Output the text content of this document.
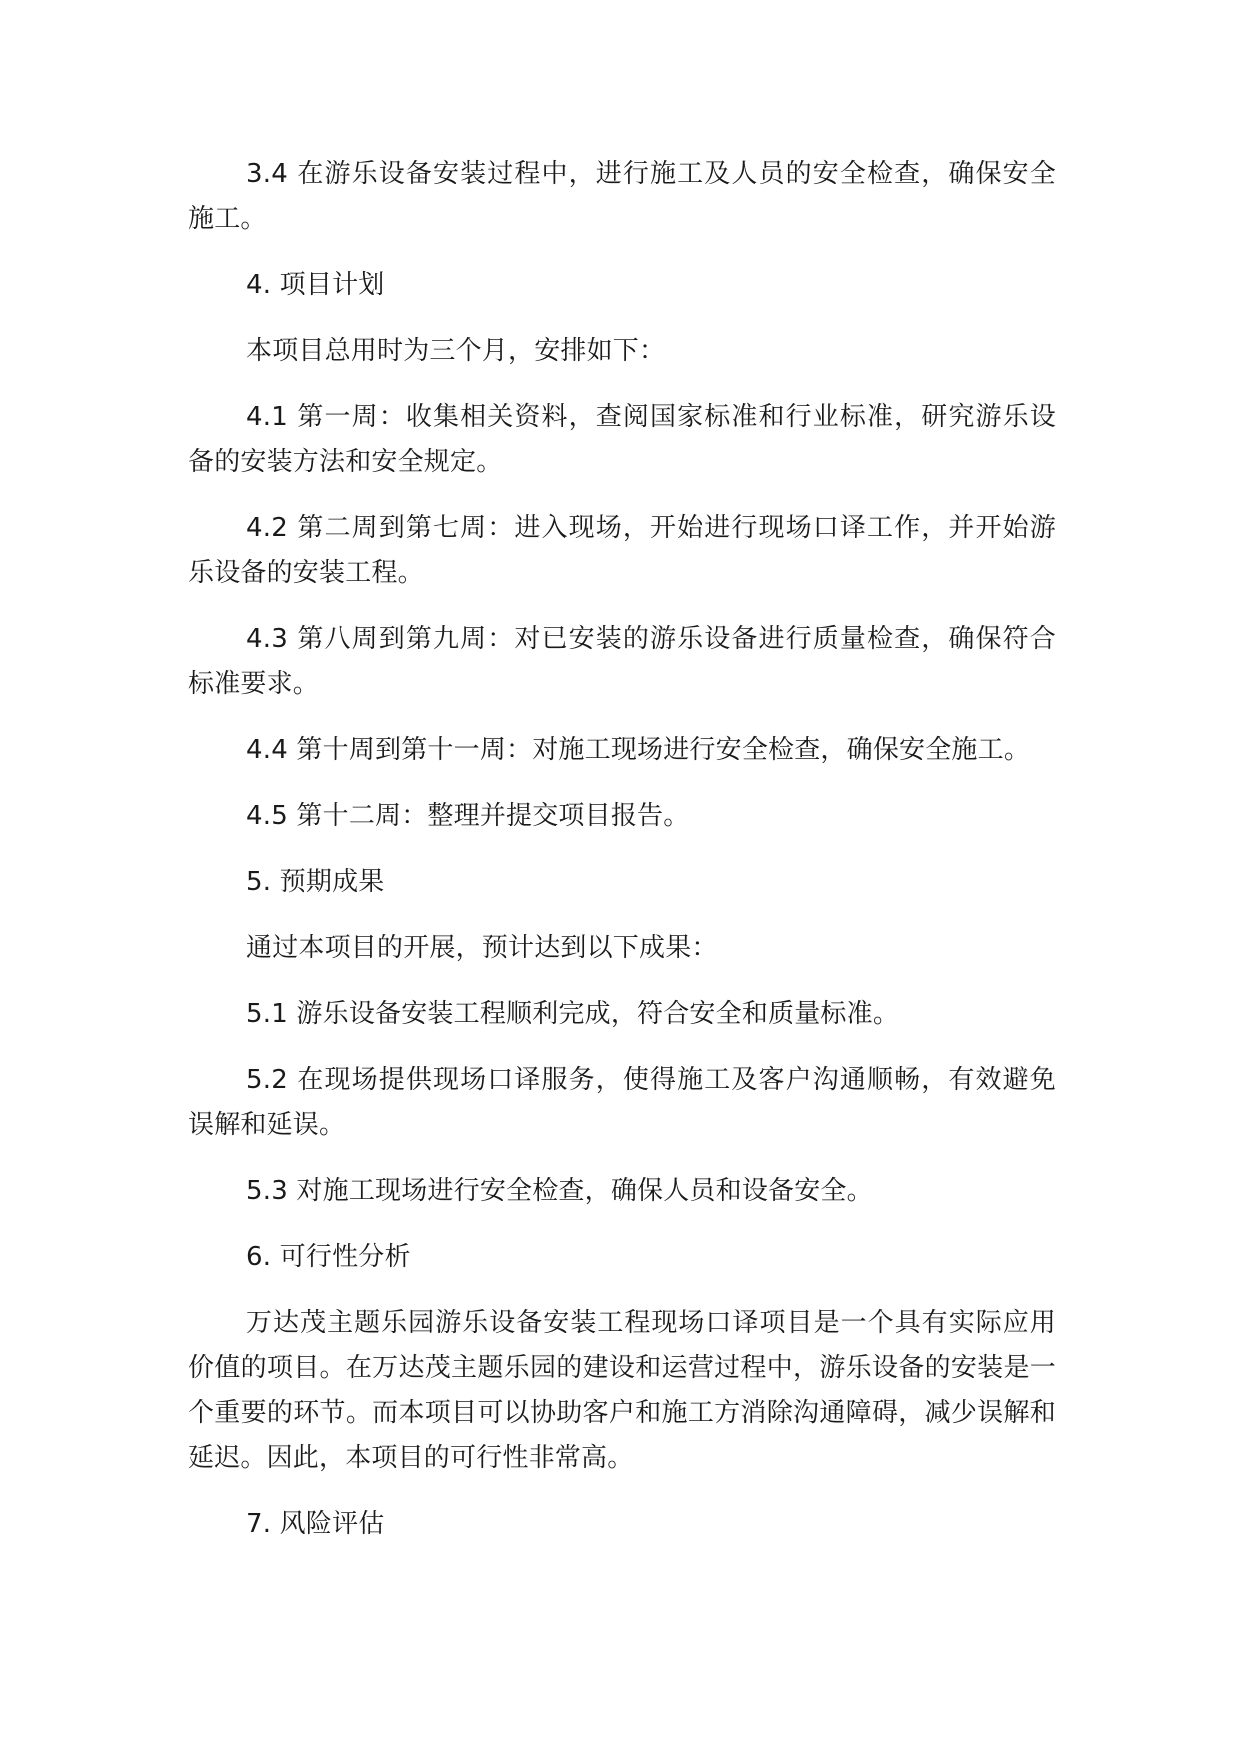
3.4 在游乐设备安装过程中，进行施工及人员的安全检查，确保安全施工。

4. 项目计划

本项目总用时为三个月，安排如下：

4.1 第一周：收集相关资料，查阅国家标准和行业标准，研究游乐设备的安装方法和安全规定。

4.2 第二周到第七周：进入现场，开始进行现场口译工作，并开始游乐设备的安装工程。

4.3 第八周到第九周：对已安装的游乐设备进行质量检查，确保符合标准要求。

4.4 第十周到第十一周：对施工现场进行安全检查，确保安全施工。

4.5 第十二周：整理并提交项目报告。

5. 预期成果

通过本项目的开展，预计达到以下成果：

5.1 游乐设备安装工程顺利完成，符合安全和质量标准。

5.2 在现场提供现场口译服务，使得施工及客户沟通顺畅，有效避免误解和延误。

5.3 对施工现场进行安全检查，确保人员和设备安全。

6. 可行性分析

万达茂主题乐园游乐设备安装工程现场口译项目是一个具有实际应用价值的项目。在万达茂主题乐园的建设和运营过程中，游乐设备的安装是一个重要的环节。而本项目可以协助客户和施工方消除沟通障碍，减少误解和延迟。因此，本项目的可行性非常高。

7. 风险评估
